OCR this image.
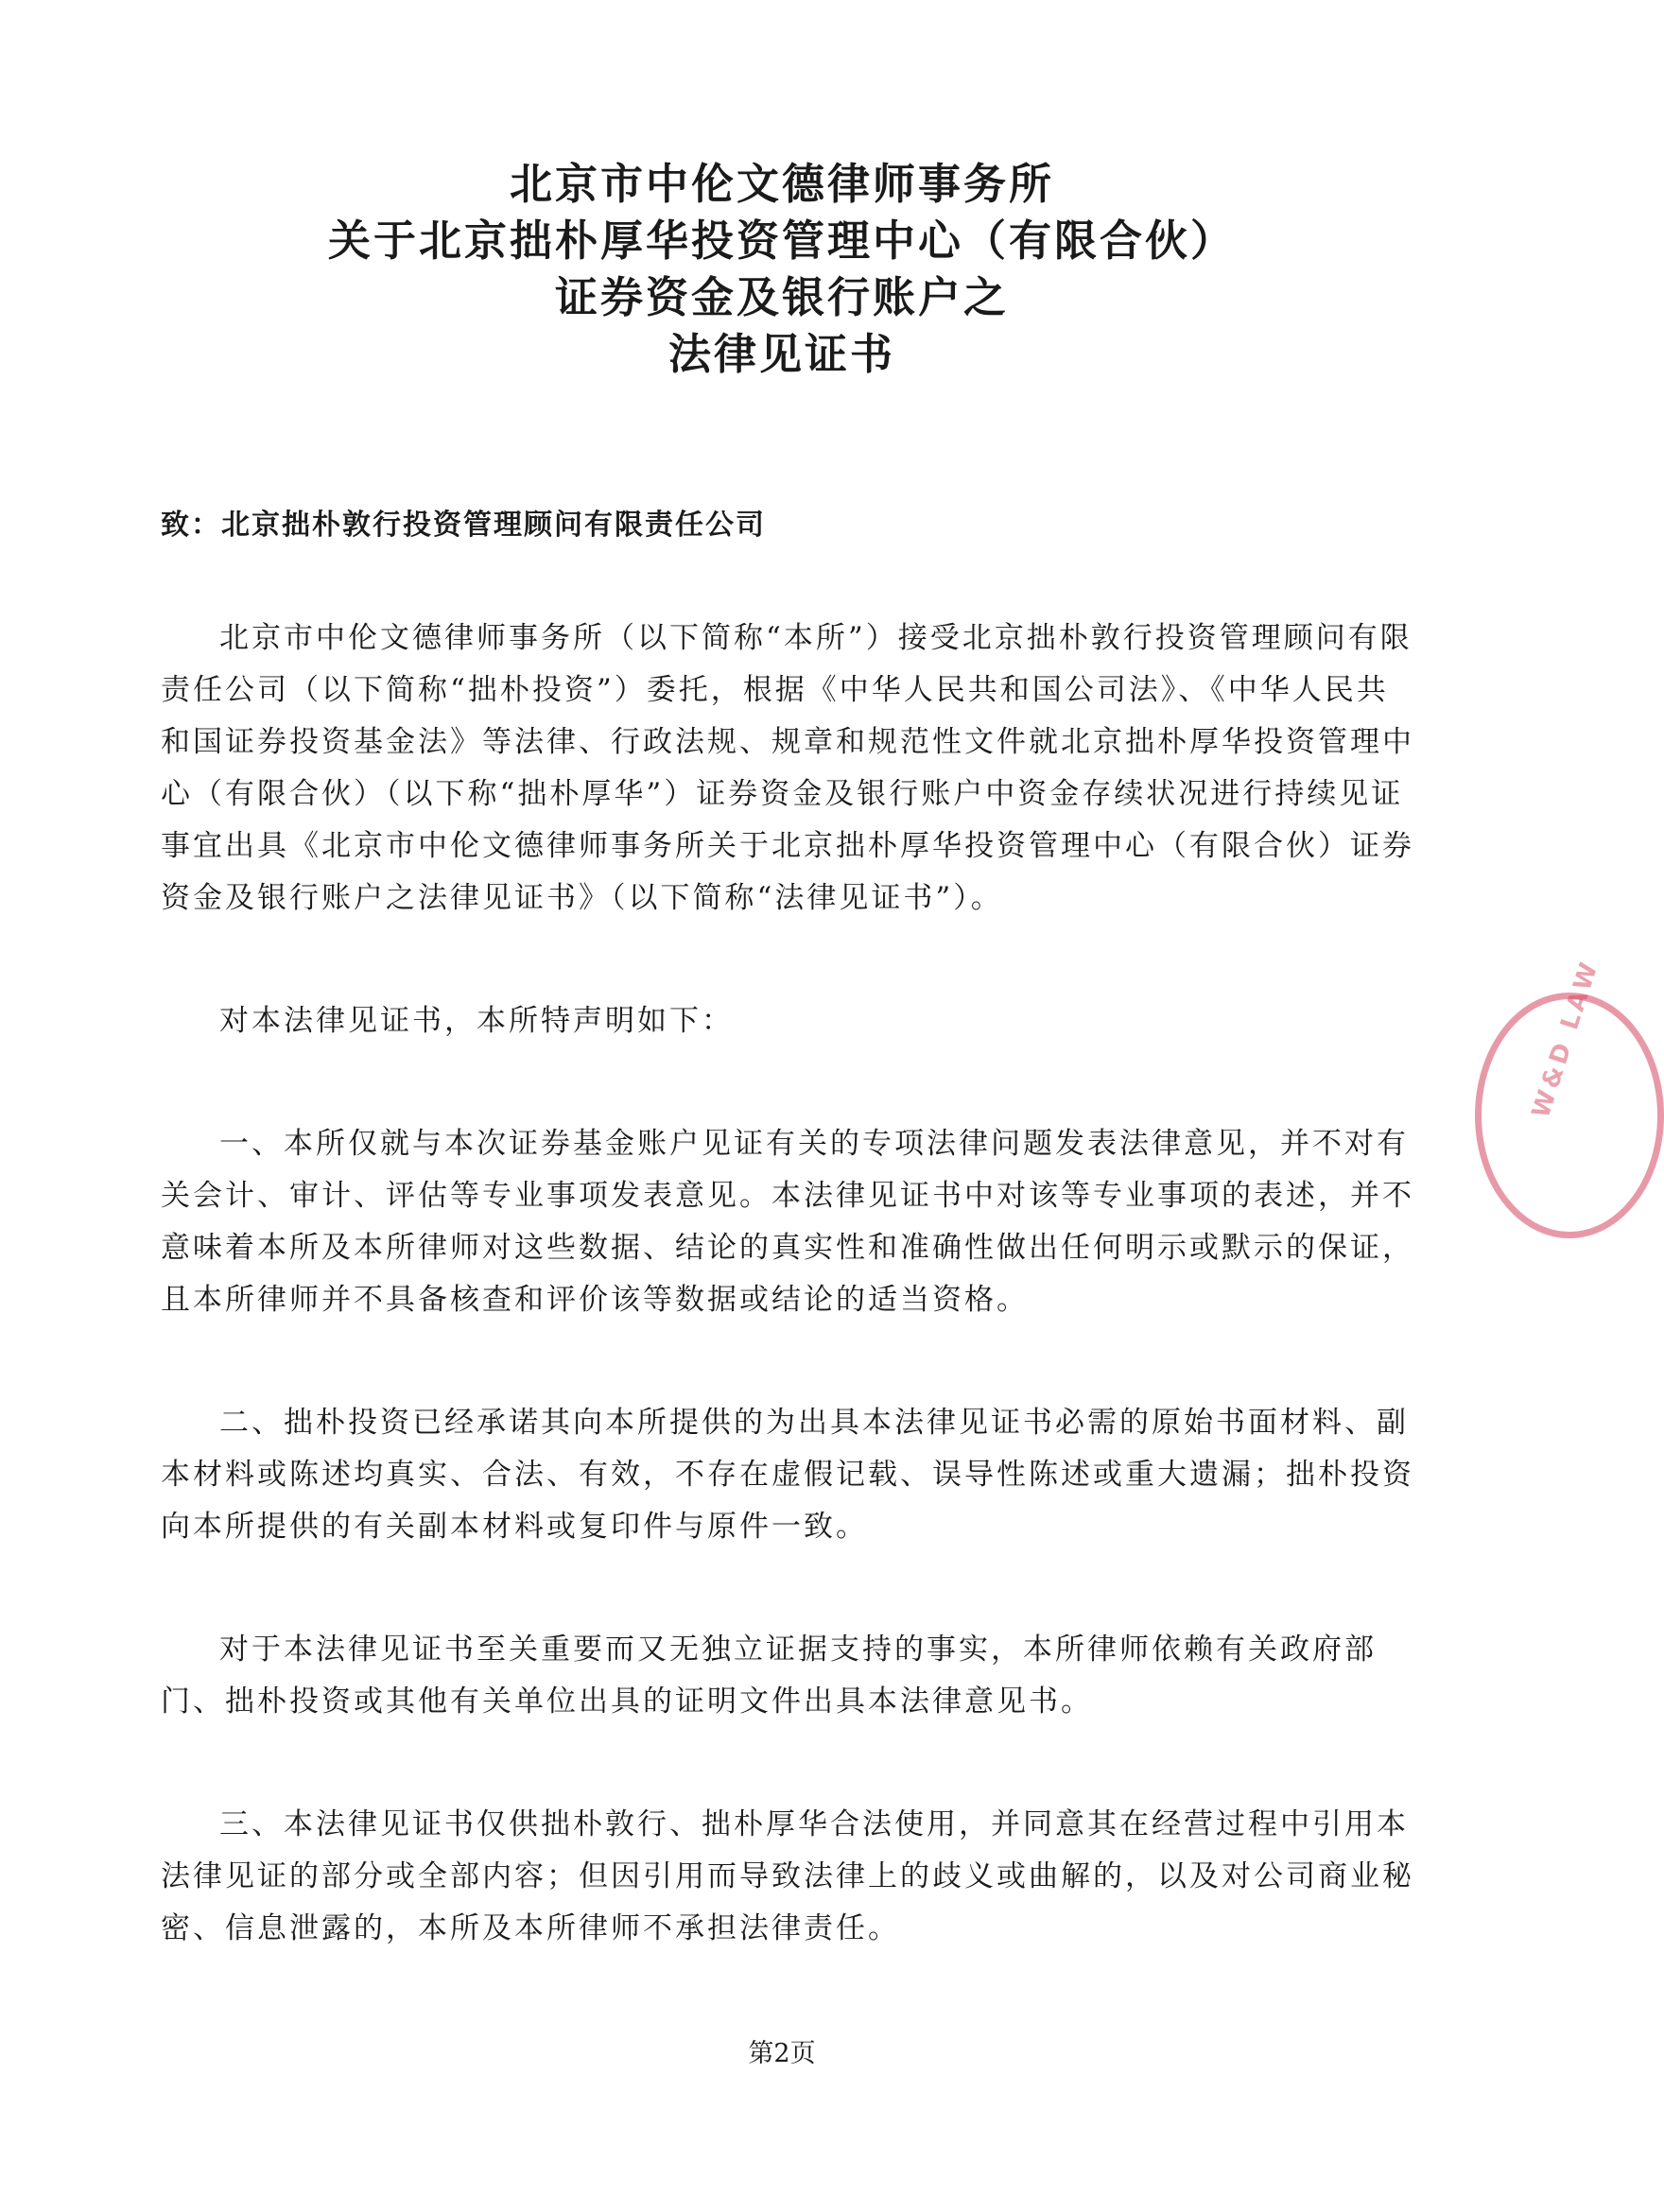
北京市中伦文德律师事务所
关于北京拙朴厚华投资管理中心（有限合伙）
证券资金及银行账户之
法律见证书
致：北京拙朴敦行投资管理顾问有限责任公司

北京市中伦文德律师事务所（以下简称“本所”）接受北京拙朴敦行投资管理顾问有限责任公司（以下简称“拙朴投资”）委托，根据《中华人民共和国公司法》、《中华人民共和国证券投资基金法》等法律、行政法规、规章和规范性文件就北京拙朴厚华投资管理中心（有限合伙）（以下称“拙朴厚华”）证券资金及银行账户中资金存续状况进行持续见证事宜出具《北京市中伦文德律师事务所关于北京拙朴厚华投资管理中心（有限合伙）证券资金及银行账户之法律见证书》（以下简称“法律见证书”）。

对本法律见证书，本所特声明如下：

一、本所仅就与本次证券基金账户见证有关的专项法律问题发表法律意见，并不对有关会计、审计、评估等专业事项发表意见。本法律见证书中对该等专业事项的表述，并不意味着本所及本所律师对这些数据、结论的真实性和准确性做出任何明示或默示的保证，且本所律师并不具备核查和评价该等数据或结论的适当资格。

二、拙朴投资已经承诺其向本所提供的为出具本法律见证书必需的原始书面材料、副本材料或陈述均真实、合法、有效，不存在虚假记载、误导性陈述或重大遗漏；拙朴投资向本所提供的有关副本材料或复印件与原件一致。

对于本法律见证书至关重要而又无独立证据支持的事实，本所律师依赖有关政府部门、拙朴投资或其他有关单位出具的证明文件出具本法律意见书。

三、本法律见证书仅供拙朴敦行、拙朴厚华合法使用，并同意其在经营过程中引用本法律见证的部分或全部内容；但因引用而导致法律上的歧义或曲解的，以及对公司商业秘密、信息泄露的，本所及本所律师不承担法律责任。

第2页
W&D LAW
